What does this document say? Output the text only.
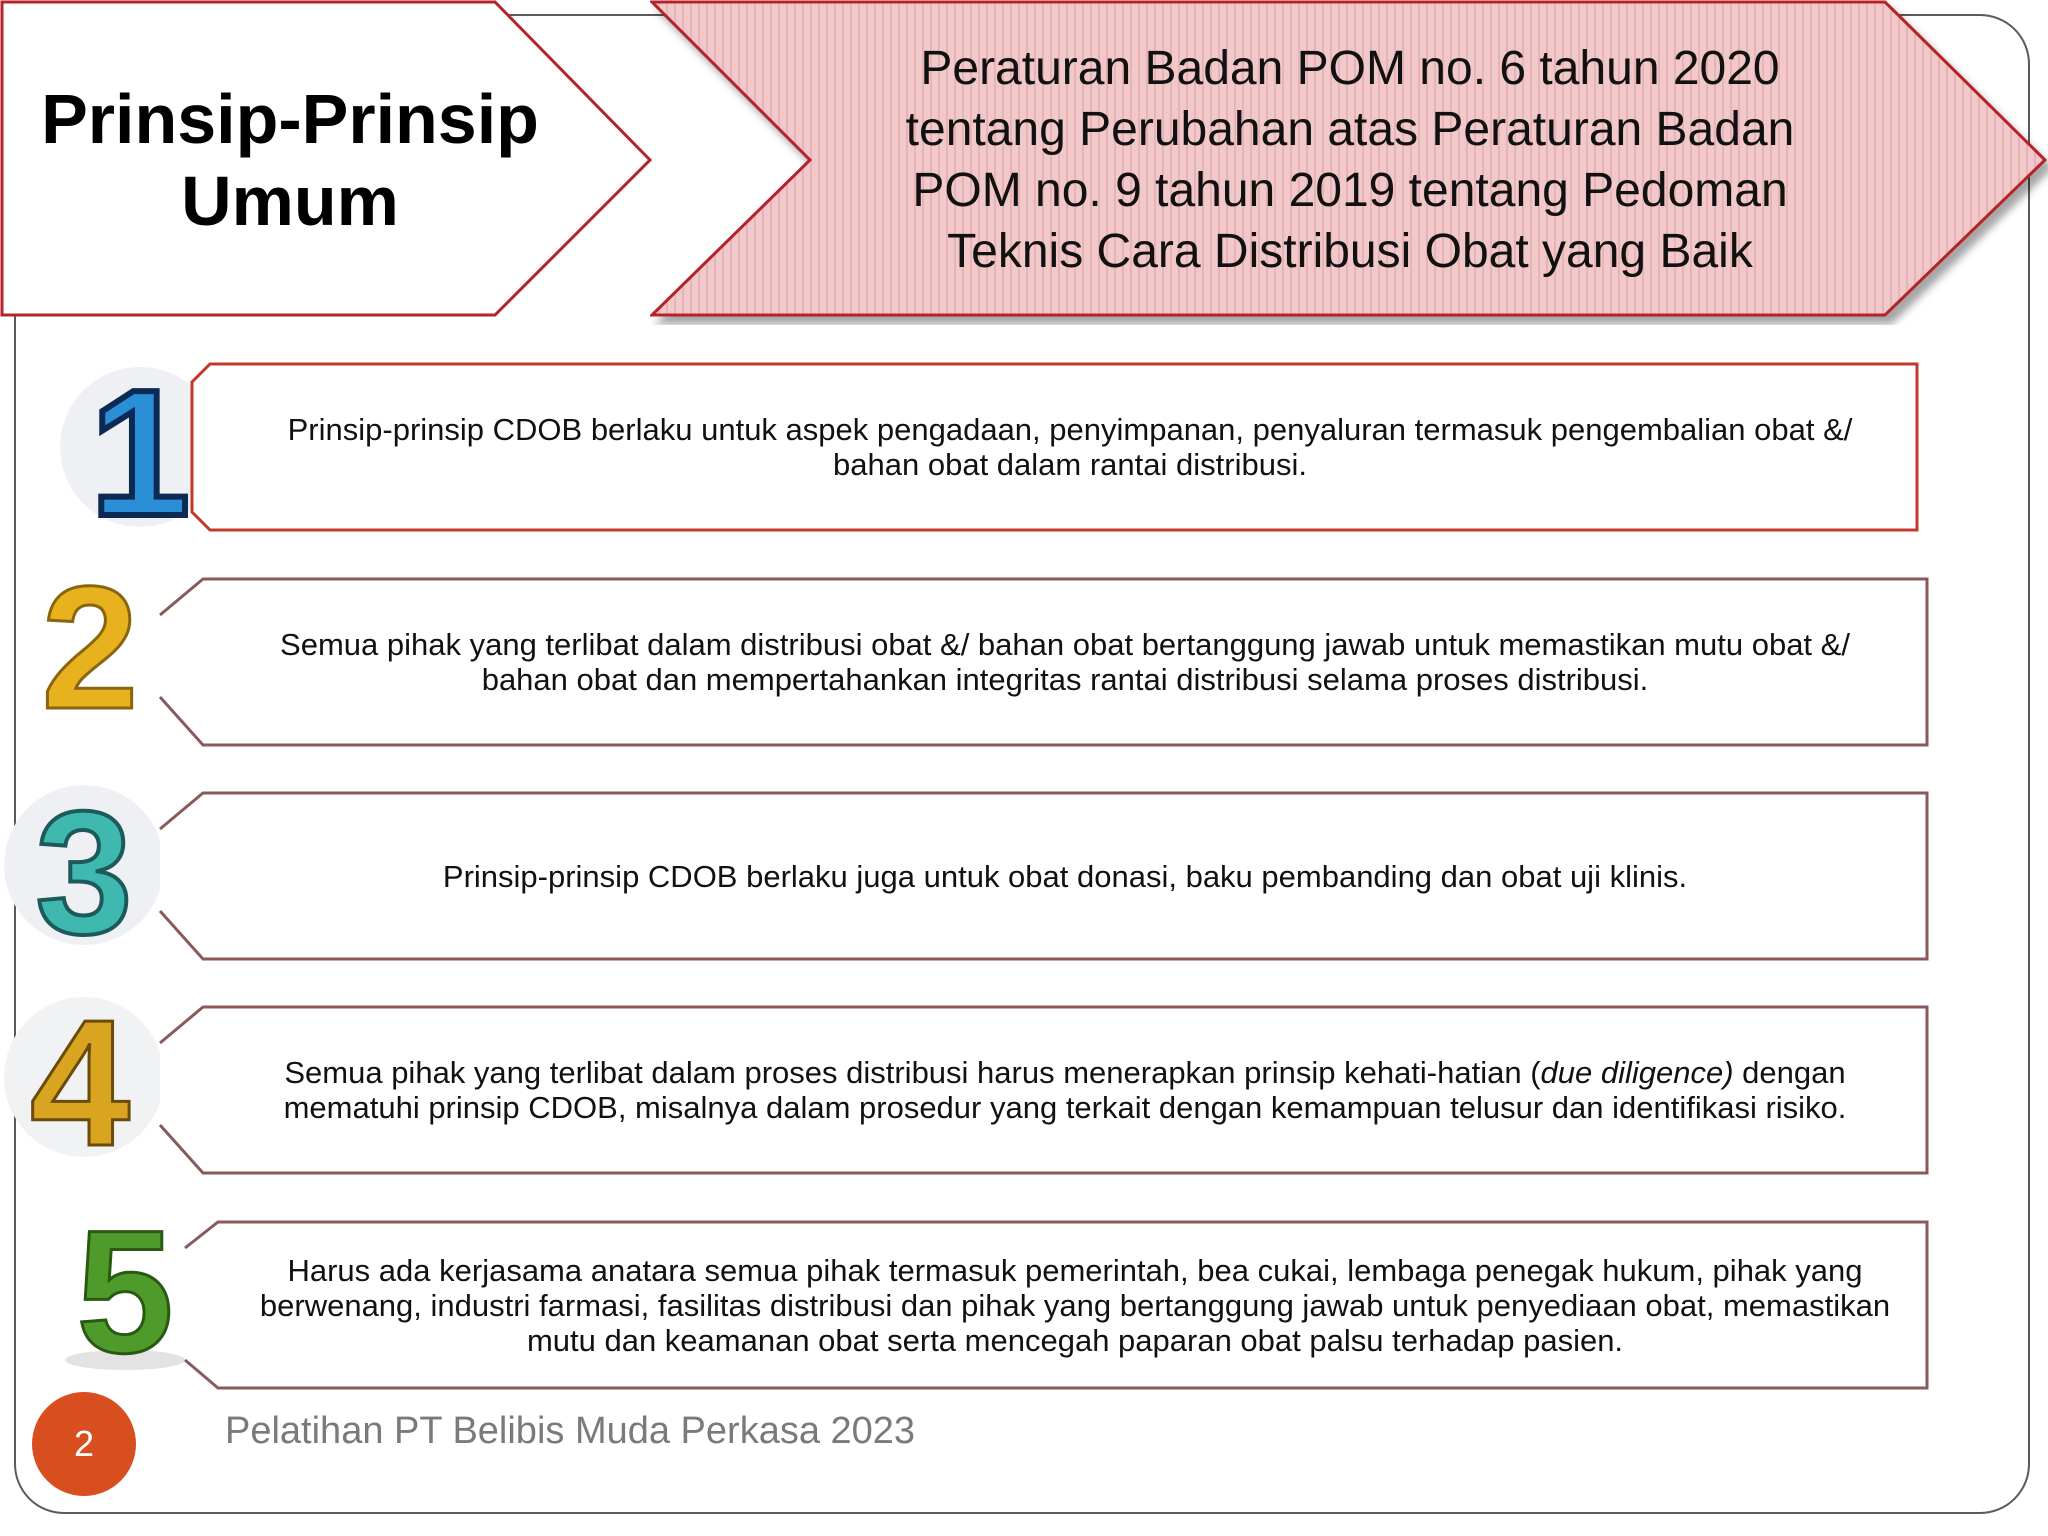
Prinsip-Prinsip
Umum
Peraturan Badan POM no. 6 tahun 2020
tentang Perubahan atas Peraturan Badan
POM no. 9 tahun 2019 tentang Pedoman
Teknis Cara Distribusi Obat yang Baik
1	Prinsip-prinsip CDOB berlaku untuk aspek pengadaan, penyimpanan, penyaluran termasuk pengembalian obat &/ bahan obat dalam rantai distribusi.
2	Semua pihak yang terlibat dalam distribusi obat &/ bahan obat bertanggung jawab untuk memastikan mutu obat &/ bahan obat dan mempertahankan integritas rantai distribusi selama proses distribusi.
3	Prinsip-prinsip CDOB berlaku juga untuk obat donasi, baku pembanding dan obat uji klinis.
4	Semua pihak yang terlibat dalam proses distribusi harus menerapkan prinsip kehati-hatian (due diligence) dengan mematuhi prinsip CDOB, misalnya dalam prosedur yang terkait dengan kemampuan telusur dan identifikasi risiko.
5	Harus ada kerjasama anatara semua pihak termasuk pemerintah, bea cukai, lembaga penegak hukum, pihak yang berwenang, industri farmasi, fasilitas distribusi dan pihak yang bertanggung jawab untuk penyediaan obat, memastikan mutu dan keamanan obat serta mencegah paparan obat palsu terhadap pasien.
2	Pelatihan PT Belibis Muda Perkasa 2023
